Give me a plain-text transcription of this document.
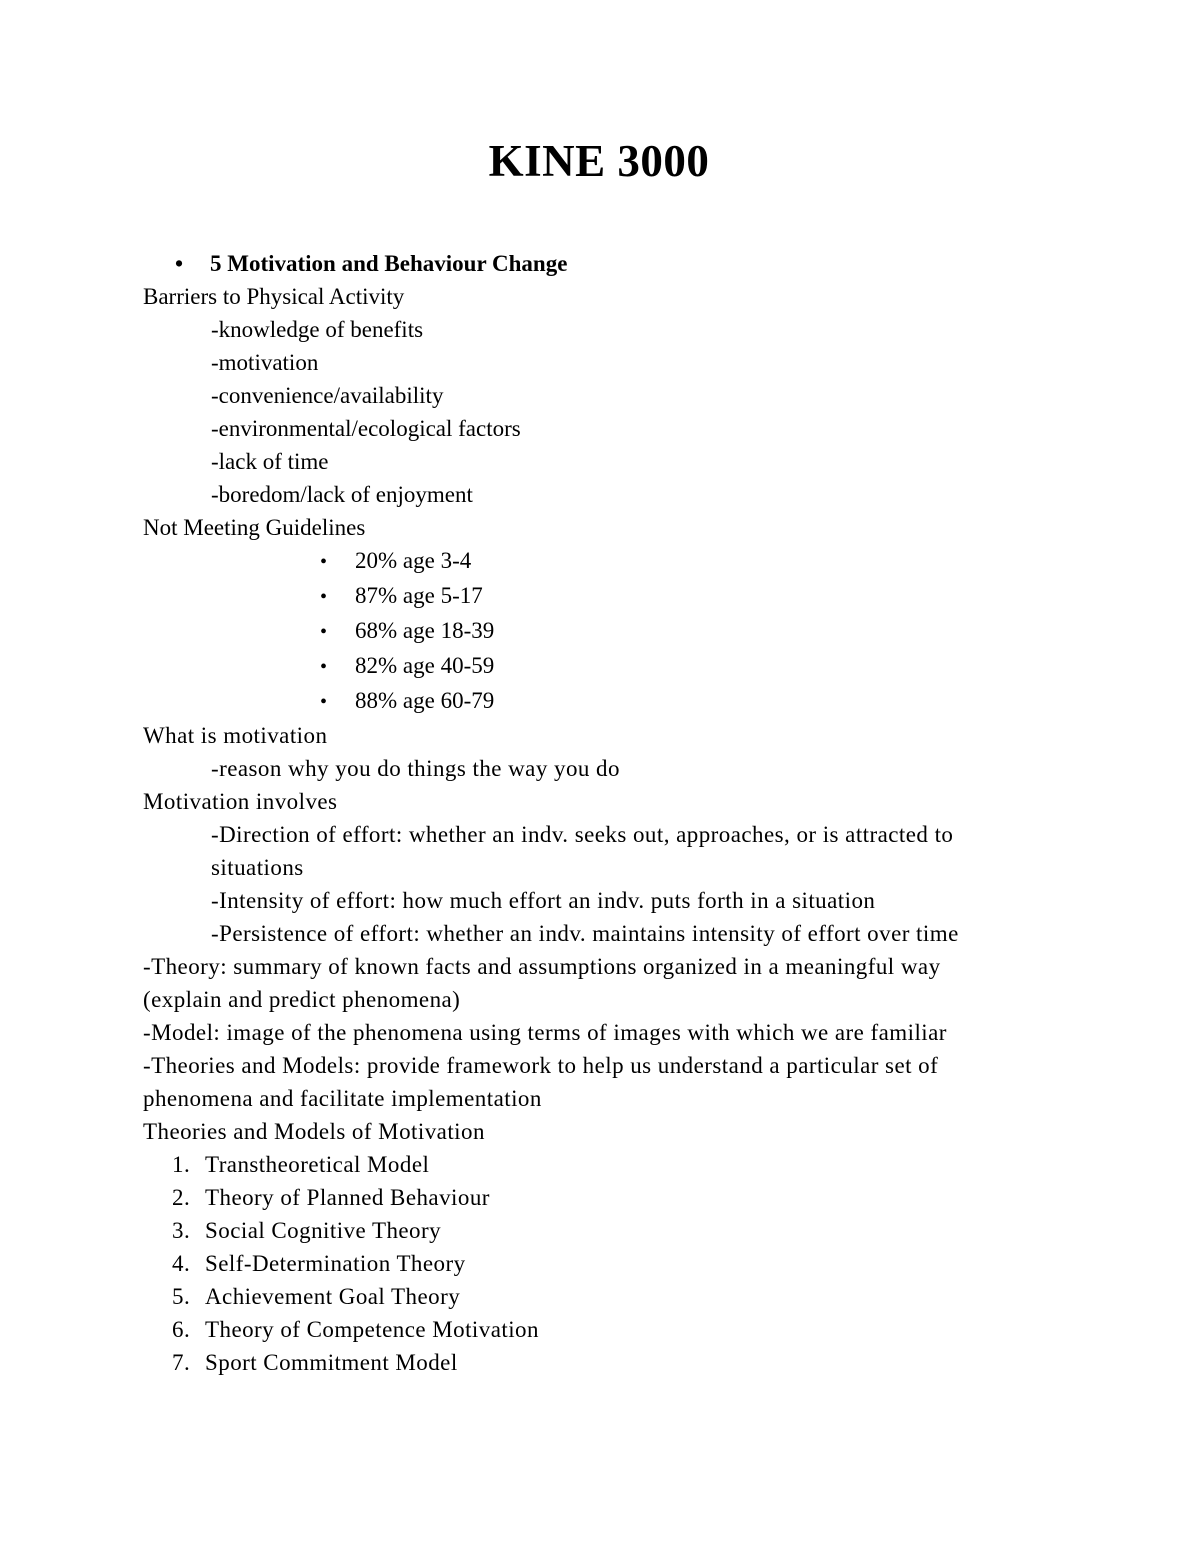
KINE 3000
• 5 Motivation and Behaviour Change
Barriers to Physical Activity
-knowledge of benefits
-motivation
-convenience/availability
-environmental/ecological factors
-lack of time
-boredom/lack of enjoyment
Not Meeting Guidelines
• 20% age 3-4
• 87% age 5-17
• 68% age 18-39
• 82% age 40-59
• 88% age 60-79
What is motivation
-reason why you do things the way you do
Motivation involves
-Direction of effort: whether an indv. seeks out, approaches, or is attracted to
situations
-Intensity of effort: how much effort an indv. puts forth in a situation
-Persistence of effort: whether an indv. maintains intensity of effort over time
-Theory: summary of known facts and assumptions organized in a meaningful way
(explain and predict phenomena)
-Model: image of the phenomena using terms of images with which we are familiar
-Theories and Models: provide framework to help us understand a particular set of
phenomena and facilitate implementation
Theories and Models of Motivation
1. Transtheoretical Model
2. Theory of Planned Behaviour
3. Social Cognitive Theory
4. Self-Determination Theory
5. Achievement Goal Theory
6. Theory of Competence Motivation
7. Sport Commitment Model
